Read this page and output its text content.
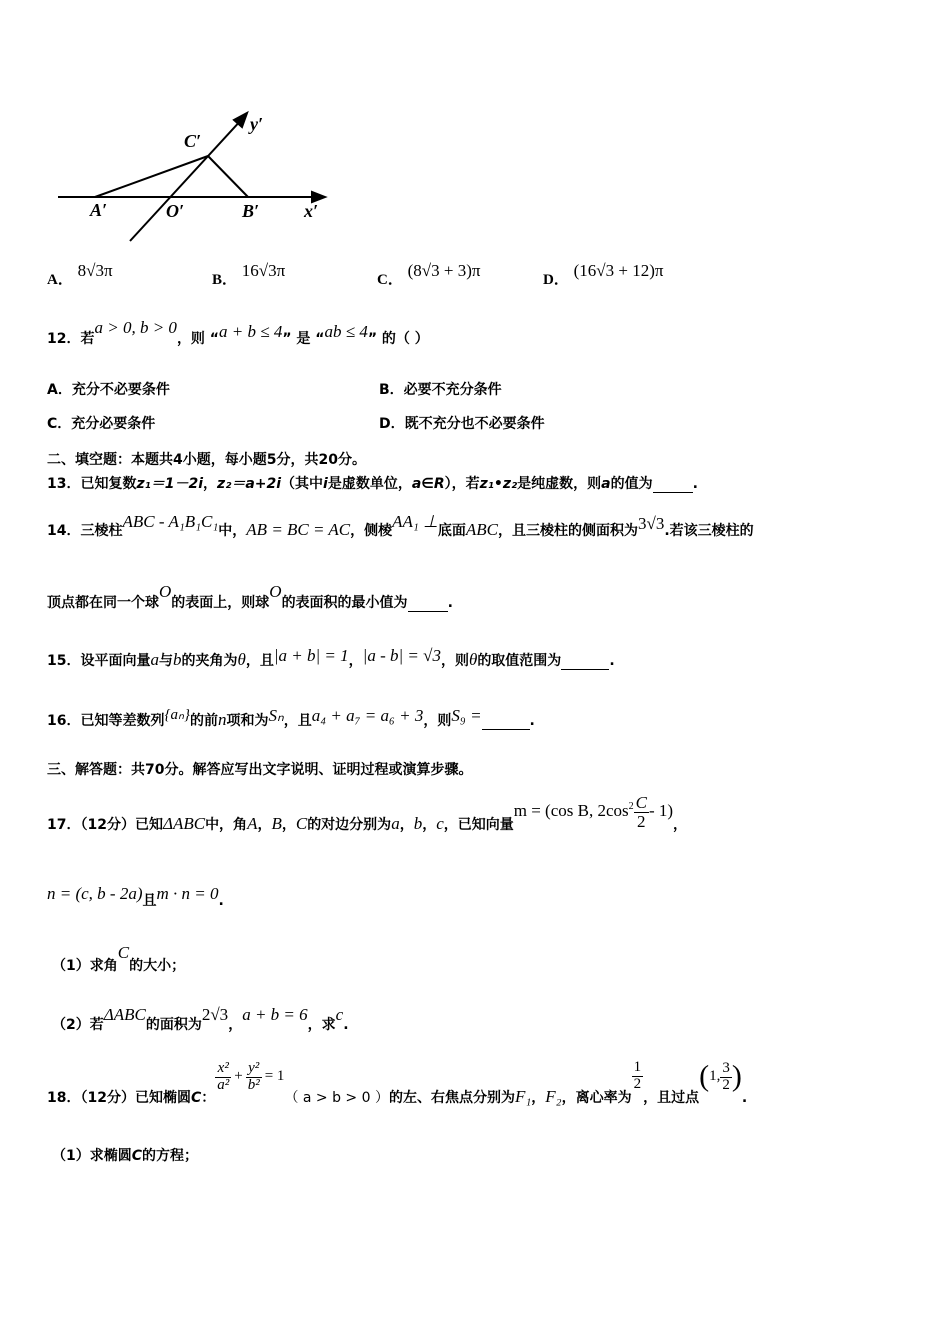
C′
y′
A′	O′	B′ x′
A． 8√3π	B． 16√3π	C． (8√3 + 3)π	D． (16√3 + 12)π
12．若a > 0, b > 0，则 “a + b ≤ 4” 是 “ab ≤ 4” 的（ ）
A．充分不必要条件	B．必要不充分条件
C．充分必要条件	D．既不充分也不必要条件
二、填空题：本题共4小题，每小题5分，共20分。
13．已知复数z₁＝1－2i，z₂＝a+2i（其中i是虚数单位，a∈R），若z₁•z₂是纯虚数，则a的值为	.
14．三棱柱ABC - A₁B₁C₁中，AB = BC = AC，侧棱AA₁ ⊥底面ABC，且三棱柱的侧面积为3√3.若该三棱柱的
顶点都在同一个球O的表面上，则球O的表面积的最小值为	.
15．设平面向量a与b的夹角为θ，且|a + b| = 1，|a - b| = √3，则θ的取值范围为	.
16．已知等差数列{aₙ}的前n项和为Sₙ，且a₄ + a₇ = a₆ + 3，则S₉ =	.
三、解答题：共70分。解答应写出文字说明、证明过程或演算步骤。
17．（12分）已知ΔABC中，角A，B，C的对边分别为a，b，c，已知向量m = (cos B, $2\cos^2 \frac{C}{2} - 1$)，
n = (c, b - 2a)且m · n = 0.
（1）求角C的大小；
（2）若ΔABC的面积为2√3，a + b = 6，求c.
18．（12分）已知椭圆C：
$\frac{\text{x²}}{\text{a²}} + \frac{\text{y²}}{\text{b²}} = 1$（ a > b > 0 ）的左、右焦点分别为F₁，F₂，离心率为
$\frac{1}{2}$
，且过点(1, $\frac{3}{2}$ ).
（1）求椭圆C的方程；
